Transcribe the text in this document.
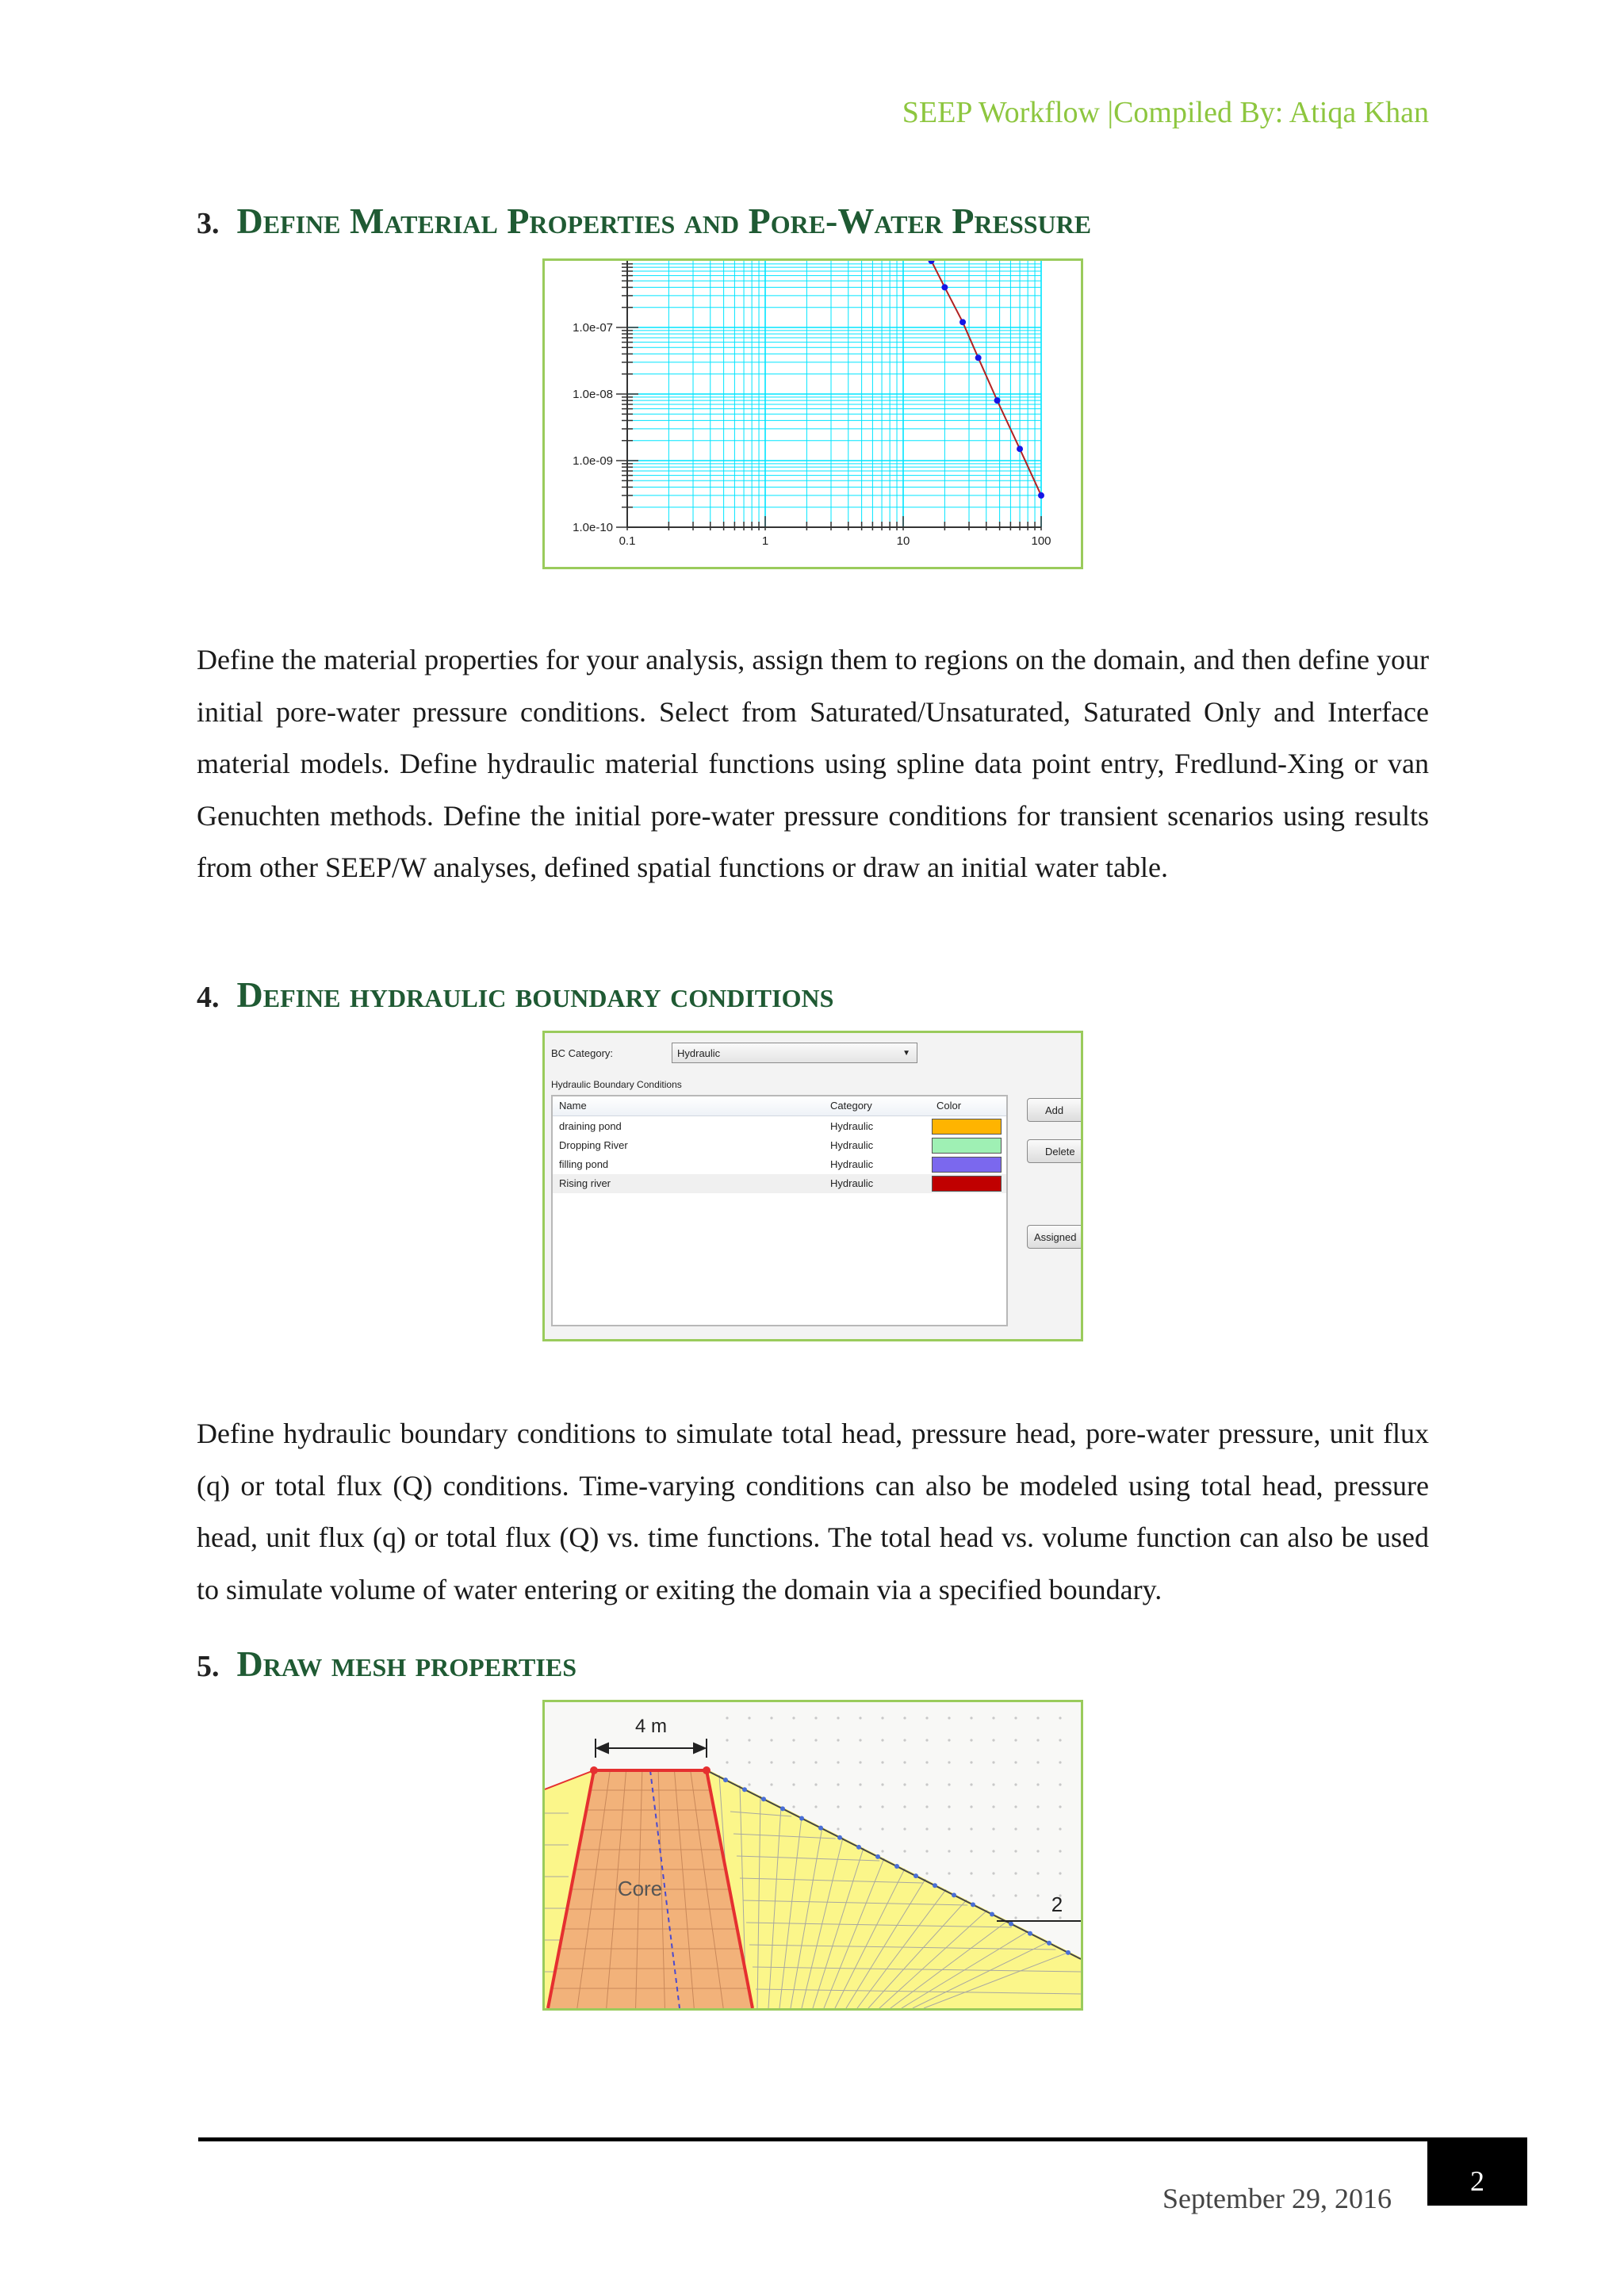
SEEP Workflow |Compiled By: Atiqa Khan
3. Define Material Properties and Pore-Water Pressure
1.0e-10
1.0e-09
1.0e-08
1.0e-07
0.1	1	10	100
Define the material properties for your analysis, assign them to regions on the domain, and then define your initial pore-water pressure conditions. Select from Saturated/Unsaturated, Saturated Only and Interface material models. Define hydraulic material functions using spline data point entry, Fredlund-Xing or van Genuchten methods. Define the initial pore-water pressure conditions for transient scenarios using results from other SEEP/W analyses, defined spatial functions or draw an initial water table.
4. Define hydraulic boundary conditions
BC Category:	Hydraulic	▼
Hydraulic Boundary Conditions
Name	Category	Color
draining pond	Hydraulic
Dropping River	Hydraulic
filling pond	Hydraulic
Rising river	Hydraulic
Add
Delete
Assigned
Define hydraulic boundary conditions to simulate total head, pressure head, pore-water pressure, unit flux (q) or total flux (Q) conditions. Time-varying conditions can also be modeled using total head, pressure head, unit flux (q) or total flux (Q) vs. time functions. The total head vs. volume function can also be used to simulate volume of water entering or exiting the domain via a specified boundary.
5. Draw mesh properties
4 m
Core
2
September 29, 2016
2
